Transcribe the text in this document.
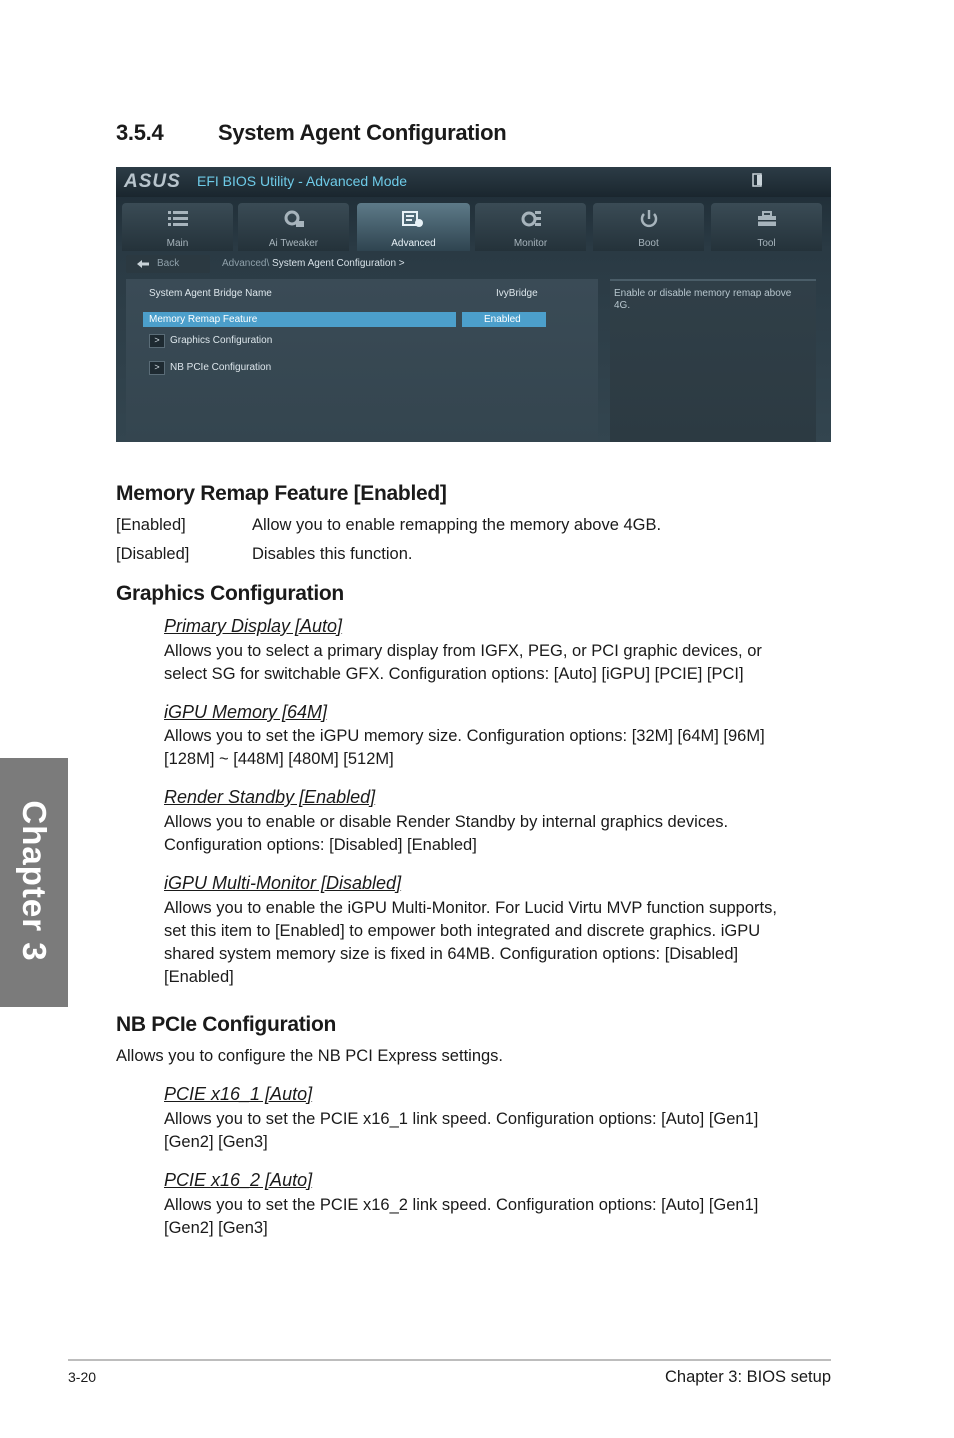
3.5.4 System Agent Configuration
ASUS EFI BIOS Utility - Advanced Mode
Main	Ai Tweaker	Advanced	Monitor	Boot	Tool
Back	Advanced\ System Agent Configuration >
System Agent Bridge Name	IvyBridge
Memory Remap Feature	Enabled
>	Graphics Configuration
>	NB PCIe Configuration
Enable or disable memory remap above 4G.
Memory Remap Feature [Enabled]
[Enabled]	Allow you to enable remapping the memory above 4GB.
[Disabled]	Disables this function.
Graphics Configuration
Primary Display [Auto]
Allows you to select a primary display from IGFX, PEG, or PCI graphic devices, or
select SG for switchable GFX. Configuration options: [Auto] [iGPU] [PCIE] [PCI]
iGPU Memory [64M]
Allows you to set the iGPU memory size. Configuration options: [32M] [64M] [96M]
[128M] ~ [448M] [480M] [512M]
Render Standby [Enabled]
Allows you to enable or disable Render Standby by internal graphics devices.
Configuration options: [Disabled] [Enabled]
iGPU Multi-Monitor [Disabled]
Allows you to enable the iGPU Multi-Monitor. For Lucid Virtu MVP function supports,
set this item to [Enabled] to empower both integrated and discrete graphics. iGPU
shared system memory size is fixed in 64MB. Configuration options: [Disabled]
[Enabled]
NB PCIe Configuration
Allows you to configure the NB PCI Express settings.
PCIE x16_1 [Auto]
Allows you to set the PCIE x16_1 link speed. Configuration options: [Auto] [Gen1]
[Gen2] [Gen3]
PCIE x16_2 [Auto]
Allows you to set the PCIE x16_2 link speed. Configuration options: [Auto] [Gen1]
[Gen2] [Gen3]
Chapter 3
3-20	Chapter 3: BIOS setup
